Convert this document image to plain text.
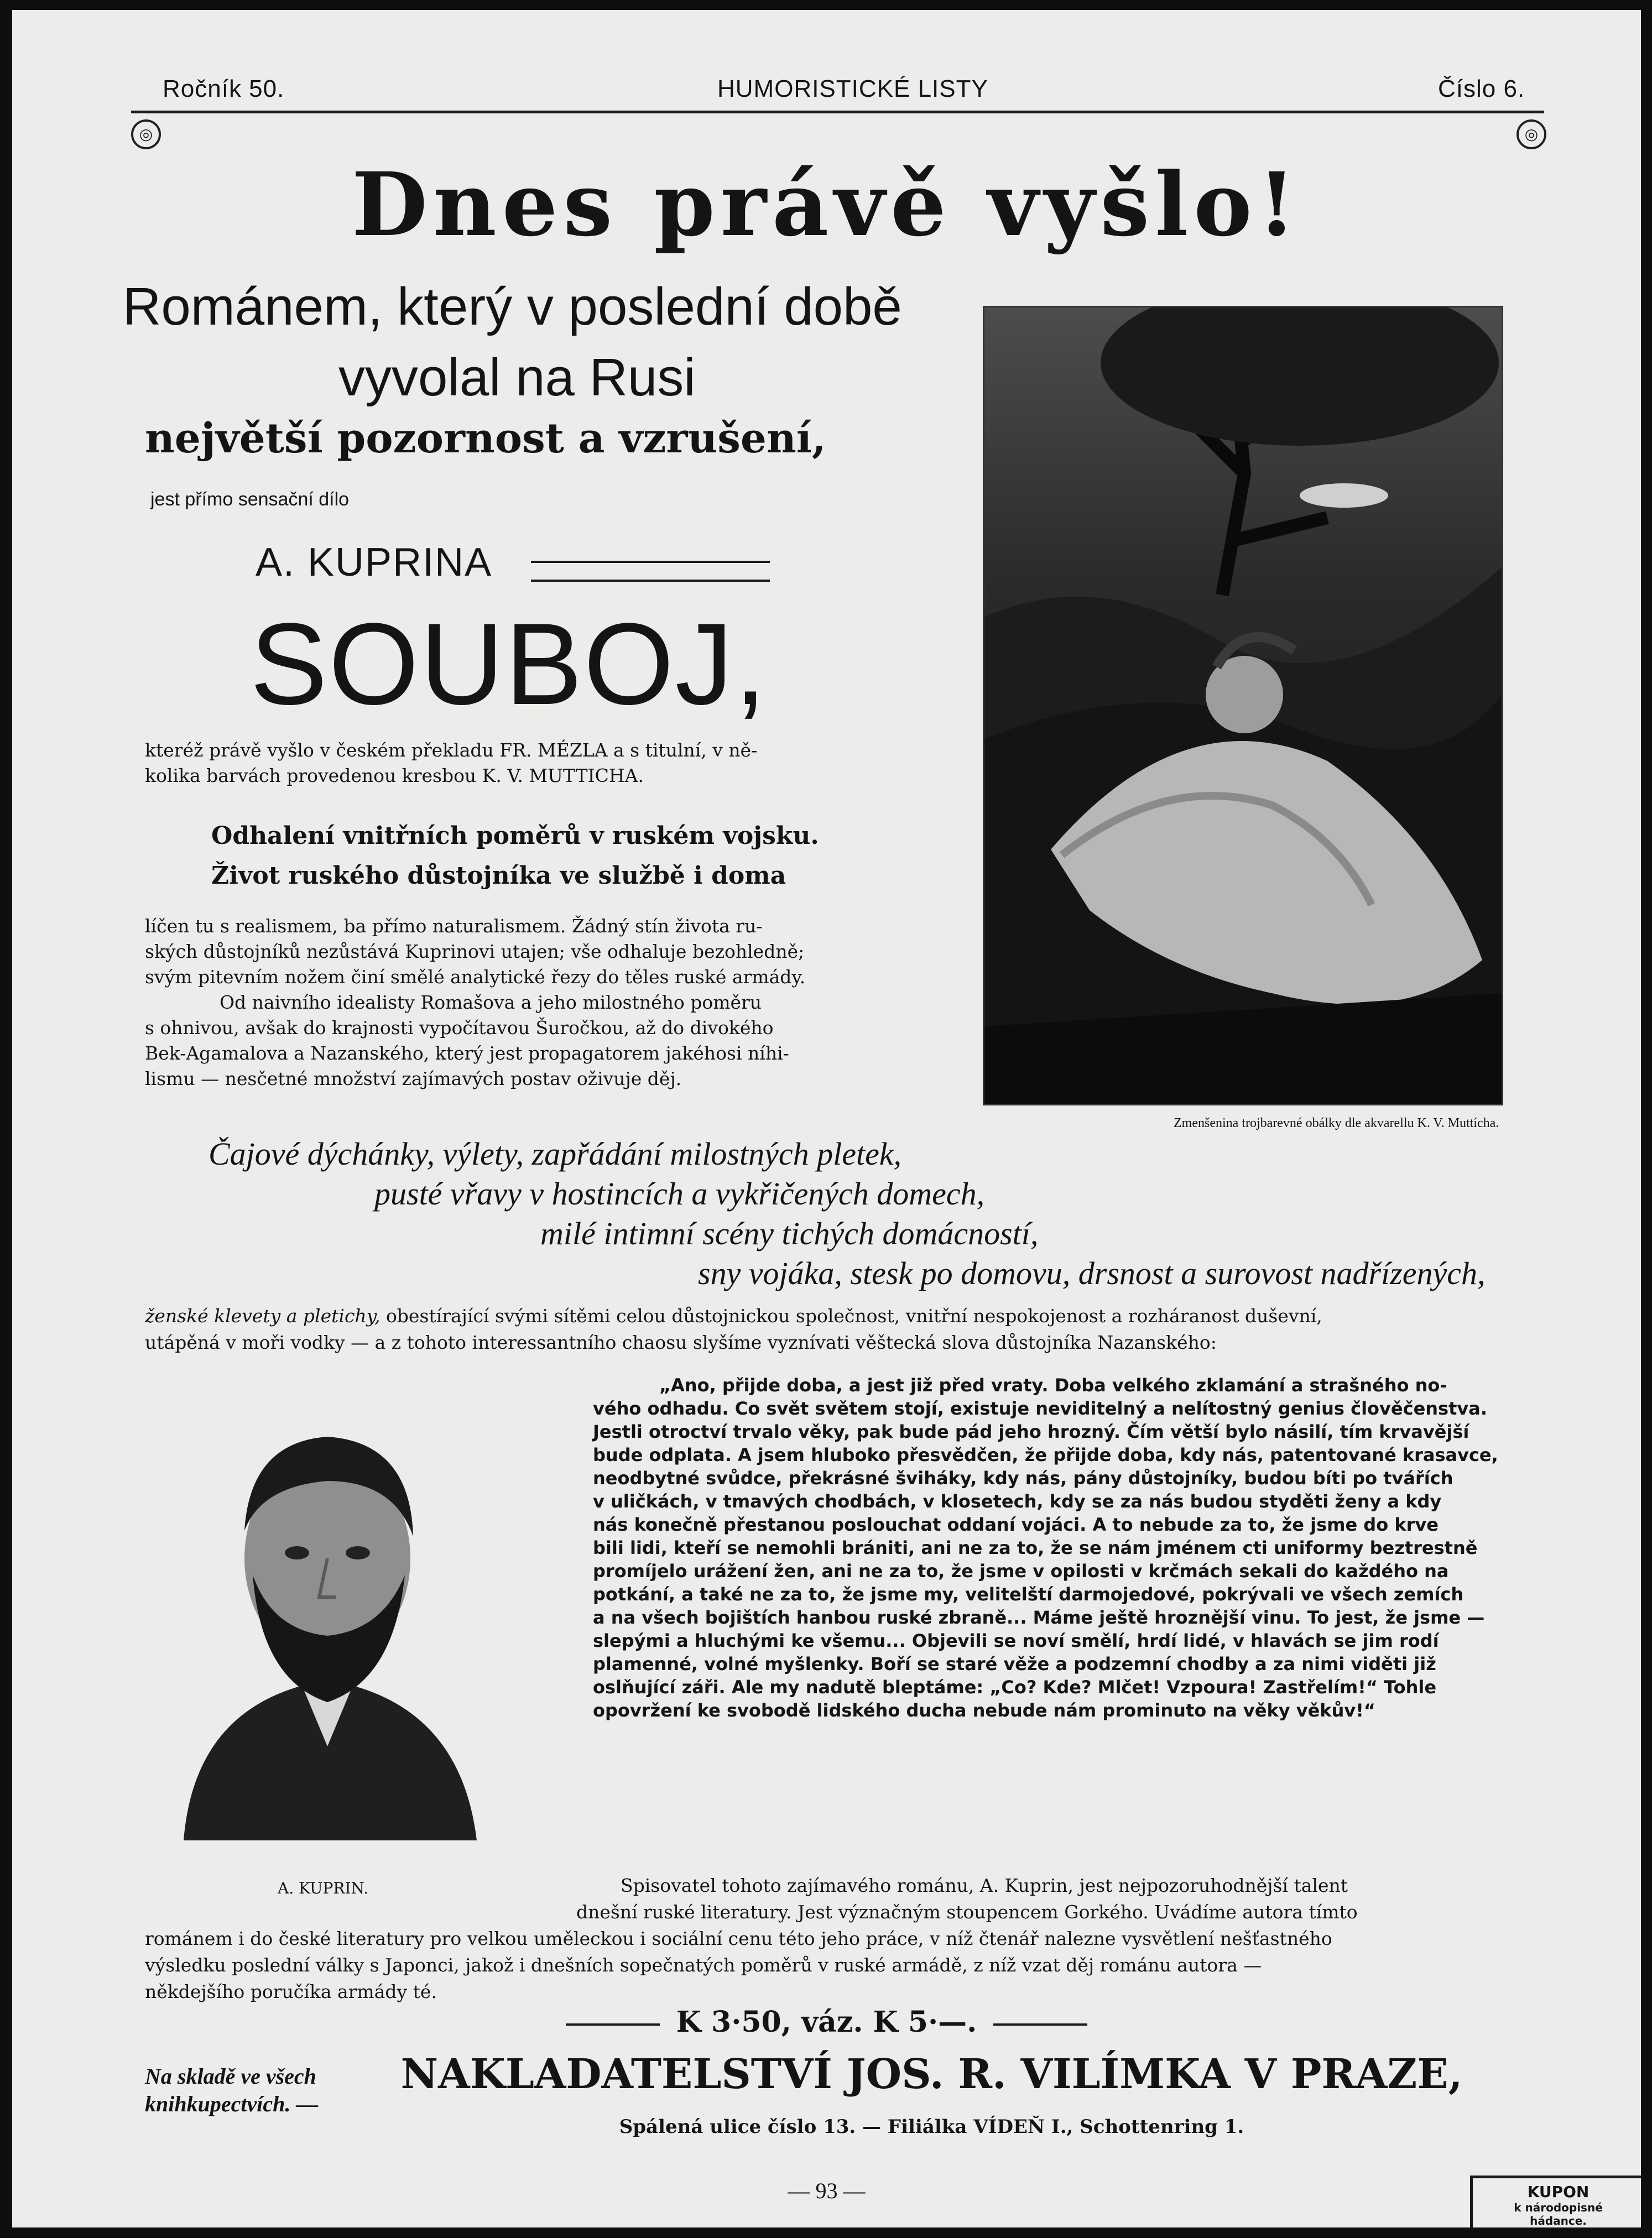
Ročník 50.	HUMORISTICKÉ LISTY	Číslo 6.
◎	◎
Dnes právě vyšlo!
Románem, který v poslední době
vyvolal na Rusi
největší pozornost a vzrušení,
jest přímo sensační dílo
A. KUPRINA
SOUBOJ,
kteréž právě vyšlo v českém překladu FR. MÉZLA a s titulní, v ně-
kolika barvách provedenou kresbou K. V. MUTTICHA.
Odhalení vnitřních poměrů v ruském vojsku.
Život ruského důstojníka ve službě i doma
líčen tu s realismem, ba přímo naturalismem. Žádný stín života ru-
ských důstojníků nezůstává Kuprinovi utajen; vše odhaluje bezohledně;
svým pitevním nožem činí smělé analytické řezy do těles ruské armády.
Od naivního idealisty Romašova a jeho milostného poměru
s ohnivou, avšak do krajnosti vypočítavou Šuročkou, až do divokého
Bek-Agamalova a Nazanského, který jest propagatorem jakéhosi níhi-
lismu — nesčetné množství zajímavých postav oživuje děj.
Zmenšenina trojbarevné obálky dle akvarellu K. V. Muttícha.
Čajové dýchánky, výlety, zapřádání milostných pletek,
pusté vřavy v hostincích a vykřičených domech,
milé intimní scény tichých domácností,
sny vojáka, stesk po domovu, drsnost a surovost nadřízených,
ženské klevety a pletichy, obestírající svými sítěmi celou důstojnickou společnost, vnitřní nespokojenost a rozháranost duševní,
utápěná v moři vodky — a z tohoto interessantního chaosu slyšíme vyznívati věštecká slova důstojníka Nazanského:
A. KUPRIN.
„Ano, přijde doba, a jest již před vraty. Doba velkého zklamání a strašného no-
vého odhadu. Co svět světem stojí, existuje neviditelný a nelítostný genius člověčenstva.
Jestli otroctví trvalo věky, pak bude pád jeho hrozný. Čím větší bylo násilí, tím krvavější
bude odplata. A jsem hluboko přesvědčen, že přijde doba, kdy nás, patentované krasavce,
neodbytné svůdce, překrásné šviháky, kdy nás, pány důstojníky, budou bíti po tvářích
v uličkách, v tmavých chodbách, v klosetech, kdy se za nás budou styděti ženy a kdy
nás konečně přestanou poslouchat oddaní vojáci. A to nebude za to, že jsme do krve
bili lidi, kteří se nemohli brániti, ani ne za to, že se nám jménem cti uniformy beztrestně
promíjelo urážení žen, ani ne za to, že jsme v opilosti v krčmách sekali do každého na
potkání, a také ne za to, že jsme my, velitelští darmojedové, pokrývali ve všech zemích
a na všech bojištích hanbou ruské zbraně... Máme ještě hroznější vinu. To jest, že jsme —
slepými a hluchými ke všemu... Objevili se noví smělí, hrdí lidé, v hlavách se jim rodí
plamenné, volné myšlenky. Boří se staré věže a podzemní chodby a za nimi viděti již
oslňující záři. Ale my nadutě bleptáme: „Co? Kde? Mlčet! Vzpoura! Zastřelím!“ Tohle
opovržení ke svobodě lidského ducha nebude nám prominuto na věky věkův!“
Spisovatel tohoto zajímavého románu, A. Kuprin, jest nejpozoruhodnější talent
dnešní ruské literatury. Jest význačným stoupencem Gorkého. Uvádíme autora tímto
románem i do české literatury pro velkou uměleckou i sociální cenu této jeho práce, v níž čtenář nalezne vysvětlení nešťastného
výsledku poslední války s Japonci, jakož i dnešních sopečnatých poměrů v ruské armádě, z níž vzat děj románu autora —
někdejšího poručíka armády té.
K 3·50, váz. K 5·—.
Na skladě ve všech
knihkupectvích. —
NAKLADATELSTVÍ JOS. R. VILÍMKA V PRAZE,
Spálená ulice číslo 13. — Filiálka VÍDEŇ I., Schottenring 1.
— 93 —	KUPON
k národopisné
hádance.
